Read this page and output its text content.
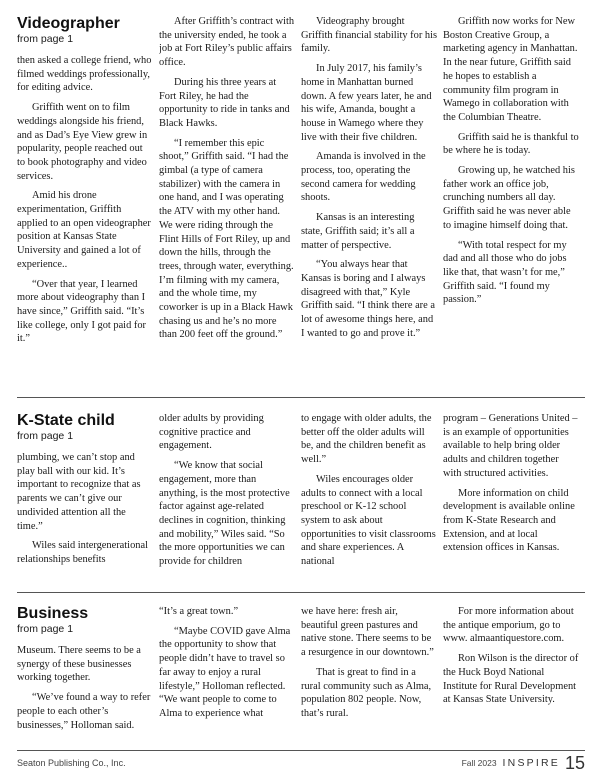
Videographer
from page 1

then asked a college friend, who filmed weddings professionally, for editing advice.

Griffith went on to film weddings alongside his friend, and as Dad’s Eye View grew in popularity, people reached out to book photography and video services.

Amid his drone experimentation, Griffith applied to an open videographer position at Kansas State University and gained a lot of experience..

“Over that year, I learned more about videography than I have since,” Griffith said. “It’s like college, only I got paid for it.”

After Griffith’s contract with the university ended, he took a job at Fort Riley’s public affairs office.

During his three years at Fort Riley, he had the opportunity to ride in tanks and Black Hawks.

“I remember this epic shoot,” Griffith said. “I had the gimbal (a type of camera stabilizer) with the camera in one hand, and I was operating the ATV with my other hand. We were riding through the Flint Hills of Fort Riley, up and down the hills, through the trees, through water, everything. I’m filming with my camera, and the whole time, my coworker is up in a Black Hawk chasing us and he’s no more than 200 feet off the ground.”

Videography brought Griffith financial stability for his family.

In July 2017, his family’s home in Manhattan burned down. A few years later, he and his wife, Amanda, bought a house in Wamego where they live with their five children.

Amanda is involved in the process, too, operating the second camera for wedding shoots.

Kansas is an interesting state, Griffith said; it’s all a matter of perspective.

“You always hear that Kansas is boring and I always disagreed with that,” Kyle Griffith said. “I think there are a lot of awesome things here, and I wanted to go and prove it.”

Griffith now works for New Boston Creative Group, a marketing agency in Manhattan. In the near future, Griffith said he hopes to establish a community film program in Wamego in collaboration with the Columbian Theatre.

Griffith said he is thankful to be where he is today.

Growing up, he watched his father work an office job, crunching numbers all day. Griffith said he was never able to imagine himself doing that.

“With total respect for my dad and all those who do jobs like that, that wasn’t for me,” Griffith said. “I found my passion.”

K-State child
from page 1

plumbing, we can’t stop and play ball with our kid. It’s important to recognize that as parents we can’t give our undivided attention all the time.”

Wiles said intergenerational relationships benefits

older adults by providing cognitive practice and engagement.

“We know that social engagement, more than anything, is the most protective factor against age-related declines in cognition, thinking and mobility,” Wiles said. “So the more opportunities we can provide for children

to engage with older adults, the better off the older adults will be, and the children benefit as well.”

Wiles encourages older adults to connect with a local preschool or K-12 school system to ask about opportunities to visit classrooms and share experiences. A national

program – Generations United – is an example of opportunities available to help bring older adults and children together with structured activities.

More information on child development is available online from K-State Research and Extension, and at local extension offices in Kansas.

Business
from page 1

Museum. There seems to be a synergy of these businesses working together.

“We’ve found a way to refer people to each other’s businesses,” Holloman said.

“It’s a great town.”

“Maybe COVID gave Alma the opportunity to show that people didn’t have to travel so far away to enjoy a rural lifestyle,” Holloman reflected. “We want people to come to Alma to experience what

we have here: fresh air, beautiful green pastures and native stone. There seems to be a resurgence in our downtown.”

That is great to find in a rural community such as Alma, population 802 people. Now, that’s rural.

For more information about the antique emporium, go to www. almaantiquestore.com.

Ron Wilson is the director of the Huck Boyd National Institute for Rural Development at Kansas State University.

Seaton Publishing Co., Inc.	Fall 2023 INSPIRE 15
